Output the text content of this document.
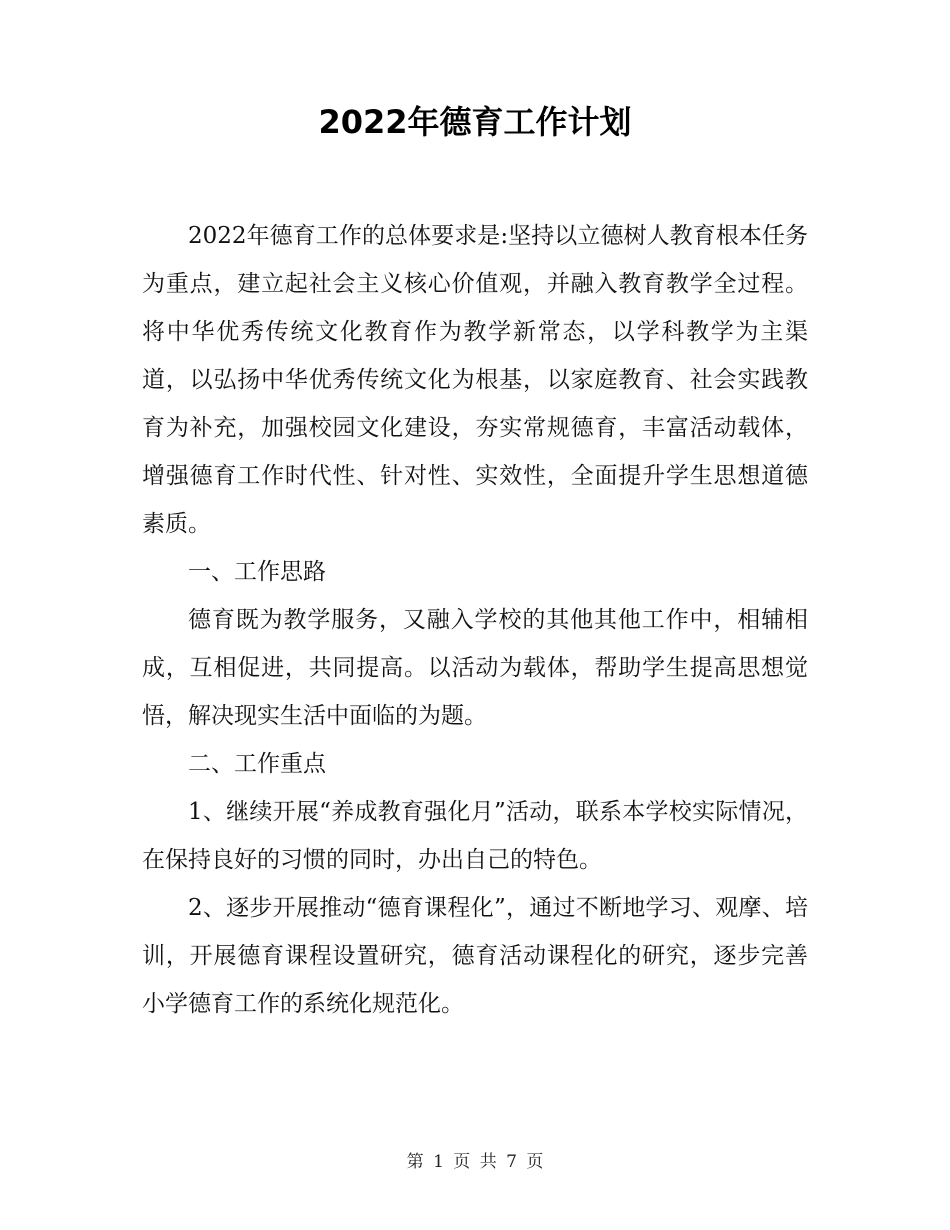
2022年德育工作计划

2022年德育工作的总体要求是:坚持以立德树人教育根本任务为重点，建立起社会主义核心价值观，并融入教育教学全过程。将中华优秀传统文化教育作为教学新常态，以学科教学为主渠道，以弘扬中华优秀传统文化为根基，以家庭教育、社会实践教育为补充，加强校园文化建设，夯实常规德育，丰富活动载体，增强德育工作时代性、针对性、实效性，全面提升学生思想道德素质。

一、工作思路

德育既为教学服务，又融入学校的其他其他工作中，相辅相成，互相促进，共同提高。以活动为载体，帮助学生提高思想觉悟，解决现实生活中面临的为题。

二、工作重点

1、继续开展“养成教育强化月”活动，联系本学校实际情况，在保持良好的习惯的同时，办出自己的特色。

2、逐步开展推动“德育课程化”，通过不断地学习、观摩、培训，开展德育课程设置研究，德育活动课程化的研究，逐步完善小学德育工作的系统化规范化。

第 1 页 共 7 页
